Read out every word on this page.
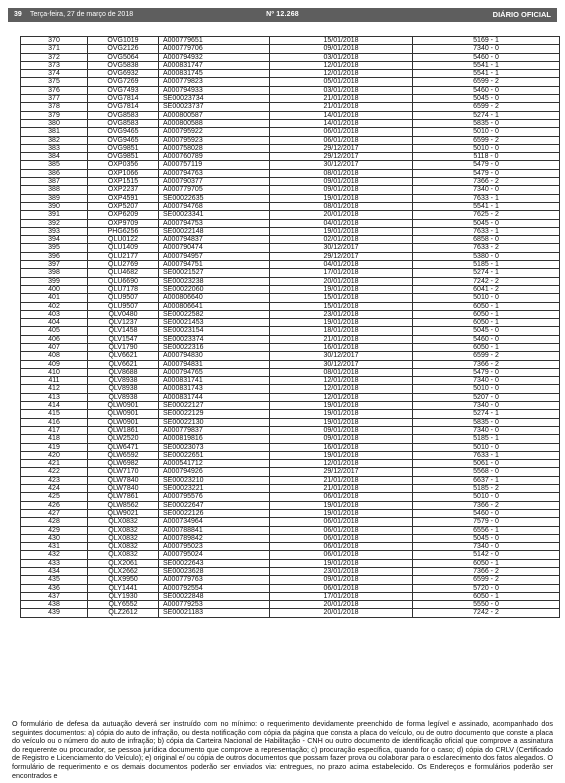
39 Terça-feira, 27 de março de 2018	Nº 12.268	DIÁRIO OFICIAL
370	OVG1019	A000779651	15/01/2018	5169 - 1
371	OVG2126	A000779706	09/01/2018	7340 - 0
372	OVG5064	A000794932	03/01/2018	5460 - 0
373	OVG5838	A000831747	12/01/2018	5541 - 1
374	OVG6932	A000831745	12/01/2018	5541 - 1
375	OVG7269	A000779823	05/01/2018	6599 - 2
376	OVG7493	A000794933	03/01/2018	5460 - 0
377	OVG7814	SE00023734	21/01/2018	5045 - 0
378	OVG7814	SE00023737	21/01/2018	6599 - 2
379	OVG8583	A000800587	14/01/2018	5274 - 1
380	OVG8583	A000800588	14/01/2018	5835 - 0
381	OVG9465	A000795922	06/01/2018	5010 - 0
382	OVG9465	A000795923	06/01/2018	6599 - 2
383	OVG9851	A000758028	29/12/2017	5010 - 0
384	OVG9851	A000760789	29/12/2017	5118 - 0
385	OXP0356	A000757119	30/12/2017	5479 - 0
386	OXP1066	A000794763	08/01/2018	5479 - 0
387	OXP1515	A000790377	09/01/2018	7366 - 2
388	OXP2237	A000779705	09/01/2018	7340 - 0
389	OXP4591	SE00022635	19/01/2018	7633 - 1
390	OXP5207	A000794768	08/01/2018	5541 - 1
391	OXP6209	SE00023341	20/01/2018	7625 - 2
392	OXP9709	A000794753	04/01/2018	5045 - 0
393	PHG6256	SE00022148	19/01/2018	7633 - 1
394	QLU0122	A000794837	02/01/2018	6858 - 0
395	QLU1409	A000790474	30/12/2017	7633 - 2
396	QLU2177	A000794957	29/12/2017	5380 - 0
397	QLU2769	A000794751	04/01/2018	5185 - 1
398	QLU4682	SE00021527	17/01/2018	5274 - 1
399	QLU6690	SE00023238	20/01/2018	7242 - 2
400	QLU7178	SE00022060	19/01/2018	6041 - 2
401	QLU9507	A000806640	15/01/2018	5010 - 0
402	QLU9507	A000806641	15/01/2018	6050 - 1
403	QLV0480	SE00022582	23/01/2018	6050 - 1
404	QLV1237	SE00021453	19/01/2018	6050 - 1
405	QLV1458	SE00023154	18/01/2018	5045 - 0
406	QLV1547	SE00023374	21/01/2018	5460 - 0
407	QLV1790	SE00022316	16/01/2018	6050 - 1
408	QLV6621	A000794830	30/12/2017	6599 - 2
409	QLV6621	A000794831	30/12/2017	7366 - 2
410	QLV8688	A000794765	08/01/2018	5479 - 0
411	QLV8938	A000831741	12/01/2018	7340 - 0
412	QLV8938	A000831743	12/01/2018	5010 - 0
413	QLV8938	A000831744	12/01/2018	5207 - 0
414	QLW0901	SE00022127	19/01/2018	7340 - 0
415	QLW0901	SE00022129	19/01/2018	5274 - 1
416	QLW0901	SE00022130	19/01/2018	5835 - 0
417	QLW1861	A000779837	09/01/2018	7340 - 0
418	QLW2520	A000819816	09/01/2018	5185 - 1
419	QLW6471	SE00023073	16/01/2018	5010 - 0
420	QLW6592	SE00022651	19/01/2018	7633 - 1
421	QLW6982	A000541712	12/01/2018	5061 - 0
422	QLW7170	A000794926	29/12/2017	5568 - 0
423	QLW7840	SE00023210	21/01/2018	6637 - 1
424	QLW7840	SE00023221	21/01/2018	5185 - 2
425	QLW7861	A000795576	06/01/2018	5010 - 0
426	QLW8562	SE00022647	19/01/2018	7366 - 2
427	QLW9021	SE00022126	19/01/2018	5460 - 0
428	QLX0832	A000734964	06/01/2018	7579 - 0
429	QLX0832	A000788841	06/01/2018	6556 - 1
430	QLX0832	A000789842	06/01/2018	5045 - 0
431	QLX0832	A000795023	06/01/2018	7340 - 0
432	QLX0832	A000795024	06/01/2018	5142 - 0
433	QLX2061	SE00022643	19/01/2018	6050 - 1
434	QLX2662	SE00023628	23/01/2018	7366 - 2
435	QLX9950	A000779763	09/01/2018	6599 - 2
436	QLY1441	A000792554	06/01/2018	5720 - 0
437	QLY1930	SE00022848	17/01/2018	6050 - 1
438	QLY6552	A000779253	20/01/2018	5550 - 0
439	QLZ2612	SE00021183	20/01/2018	7242 - 2
O formulário de defesa da autuação deverá ser instruído com no mínimo: o requerimento devidamente preenchido de forma legível e assinado, acompanhado dos seguintes documentos: a) cópia do auto de infração, ou desta notificação com cópia da página que consta a placa do veículo, ou de outro documento que conste a placa do veículo ou o número do auto de infração; b) cópia da Carteira Nacional de Habilitação - CNH ou outro documento de identificação oficial que comprove a assinatura do requerente ou procurador, se pessoa jurídica documento que comprove a representação; c) procuração específica, quando for o caso; d) cópia do CRLV (Certificado de Registro e Licenciamento do Veículo); e) original e/ ou cópia de outros documentos que possam fazer prova ou colaborar para o esclarecimento dos fatos alegados. O formulário de requerimento e os demais documentos poderão ser enviados via: entregues, no prazo acima estabelecido. Os Endereços e formulários poderão ser encontrados e
